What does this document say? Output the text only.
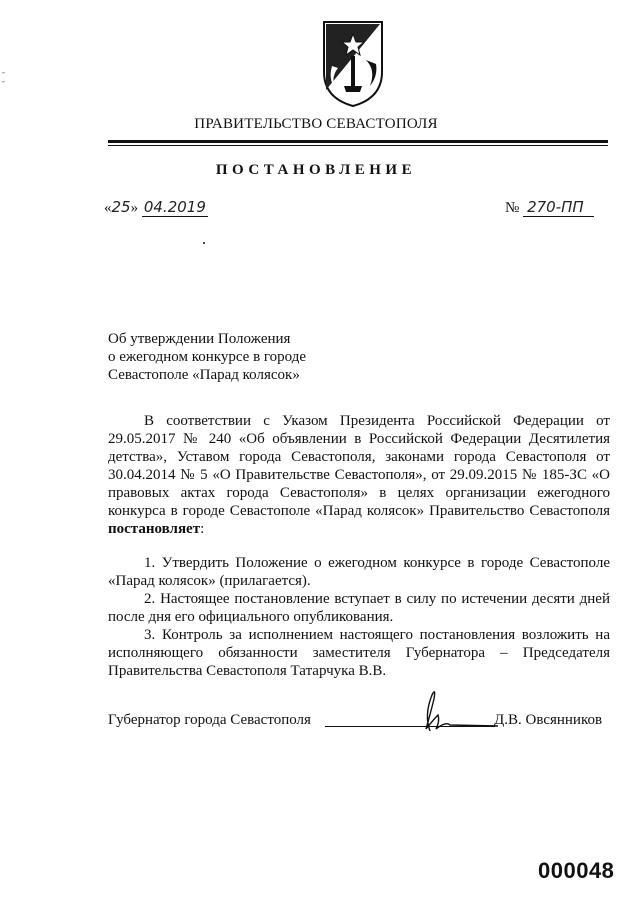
-
-
ПРАВИТЕЛЬСТВО СЕВАСТОПОЛЯ
ПОСТАНОВЛЕНИЕ
«25» 04.2019	№ 270-ПП
Об утверждении Положения
о ежегодном конкурсе в городе
Севастополе «Парад колясок»

В соответствии с Указом Президента Российской Федерации от 29.05.2017 № 240 «Об объявлении в Российской Федерации Десятилетия детства», Уставом города Севастополя, законами города Севастополя от 30.04.2014 № 5 «О Правительстве Севастополя», от 29.09.2015 № 185-ЗС «О правовых актах города Севастополя» в целях организации ежегодного конкурса в городе Севастополе «Парад колясок» Правительство Севастополя постановляет:

1. Утвердить Положение о ежегодном конкурсе в городе Севастополе «Парад колясок» (прилагается).

2. Настоящее постановление вступает в силу по истечении десяти дней после дня его официального опубликования.

3. Контроль за исполнением настоящего постановления возложить на исполняющего обязанности заместителя Губернатора – Председателя Правительства Севастополя Татарчука В.В.

Губернатор города Севастополя	Д.В. Овсянников
000048
